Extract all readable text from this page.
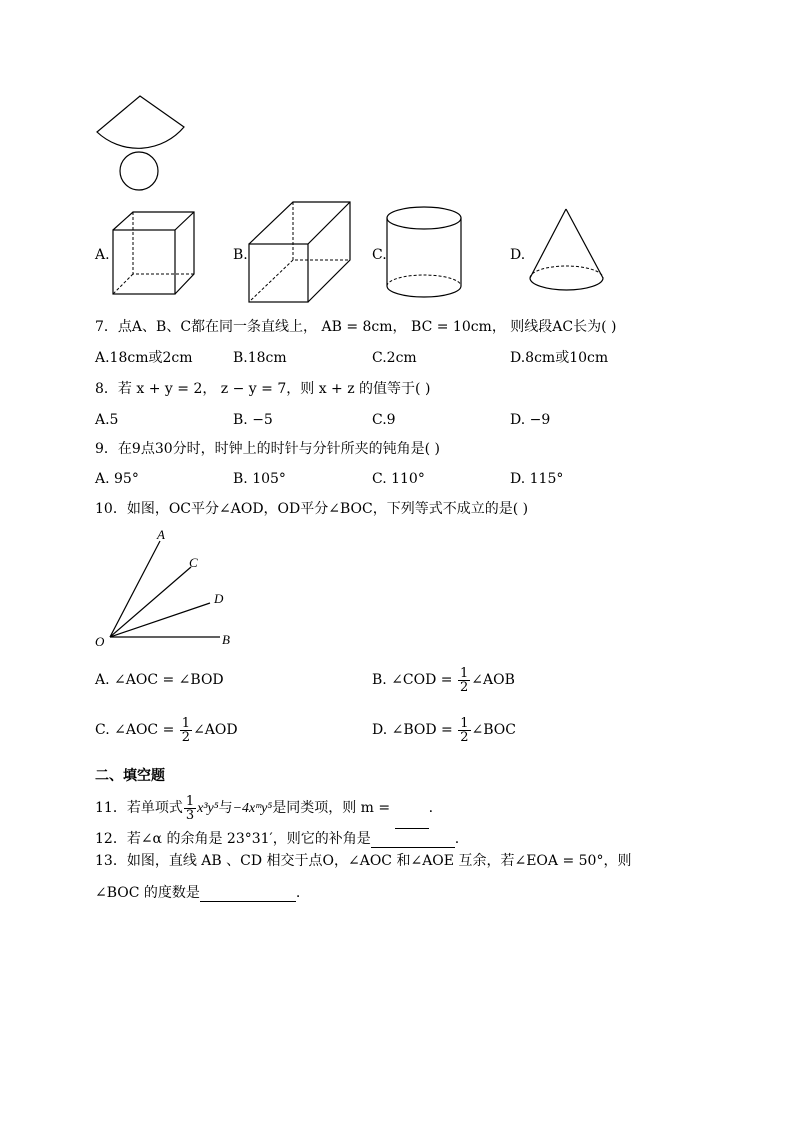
A.	B.	C.	D.
7．点A、B、C都在同一条直线上， AB = 8cm， BC = 10cm， 则线段AC长为( )
A.18cm或2cm	B.18cm	C.2cm	D.8cm或10cm
8．若 x + y = 2， z − y = 7，则 x + z 的值等于( )
A.5	B. −5	C.9	D. −9
9．在9点30分时，时钟上的时针与分针所夹的钝角是( )
A. 95°	B. 105°	C. 110°	D. 115°
10．如图，OC平分∠AOD，OD平分∠BOC，下列等式不成立的是( )
A
C
D
O	B
A. ∠AOC = ∠BOD	B. ∠COD = $\frac{1}{2}$ ∠AOB
C. ∠AOC = $\frac{1}{2}$ ∠AOD	D. ∠BOD = $\frac{1}{2}$ ∠BOC
二、填空题
11．若单项式 $\frac{1}{3} x^3y^5$与−4xᵐy⁵是同类项，则 m =	.
12．若∠α 的余角是 23°31′，则它的补角是	.
13．如图，直线 AB 、CD 相交于点O，∠AOC 和∠AOE 互余，若∠EOA = 50°，则
∠BOC 的度数是	.
